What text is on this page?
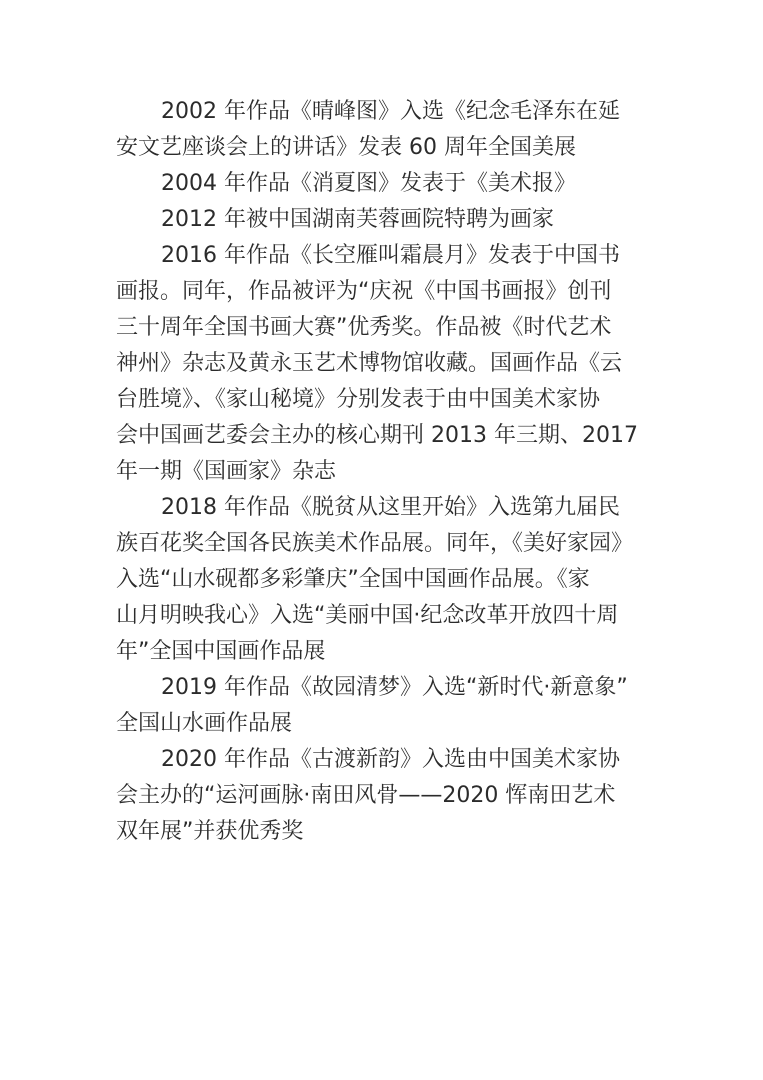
2002 年作品《晴峰图》入选《纪念毛泽东在延
安文艺座谈会上的讲话》发表 60 周年全国美展
2004 年作品《消夏图》发表于《美术报》
2012 年被中国湖南芙蓉画院特聘为画家
2016 年作品《长空雁叫霜晨月》发表于中国书
画报。同年，作品被评为“庆祝《中国书画报》创刊
三十周年全国书画大赛”优秀奖。作品被《时代艺术
神州》杂志及黄永玉艺术博物馆收藏。国画作品《云
台胜境》、《家山秘境》分别发表于由中国美术家协
会中国画艺委会主办的核心期刊 2013 年三期、2017
年一期《国画家》杂志
2018 年作品《脱贫从这里开始》入选第九届民
族百花奖全国各民族美术作品展。同年，《美好家园》
入选“山水砚都多彩肇庆”全国中国画作品展。《家
山月明映我心》入选“美丽中国·纪念改革开放四十周
年”全国中国画作品展
2019 年作品《故园清梦》入选“新时代·新意象”
全国山水画作品展
2020 年作品《古渡新韵》入选由中国美术家协
会主办的“运河画脉·南田风骨——2020 恽南田艺术
双年展”并获优秀奖
